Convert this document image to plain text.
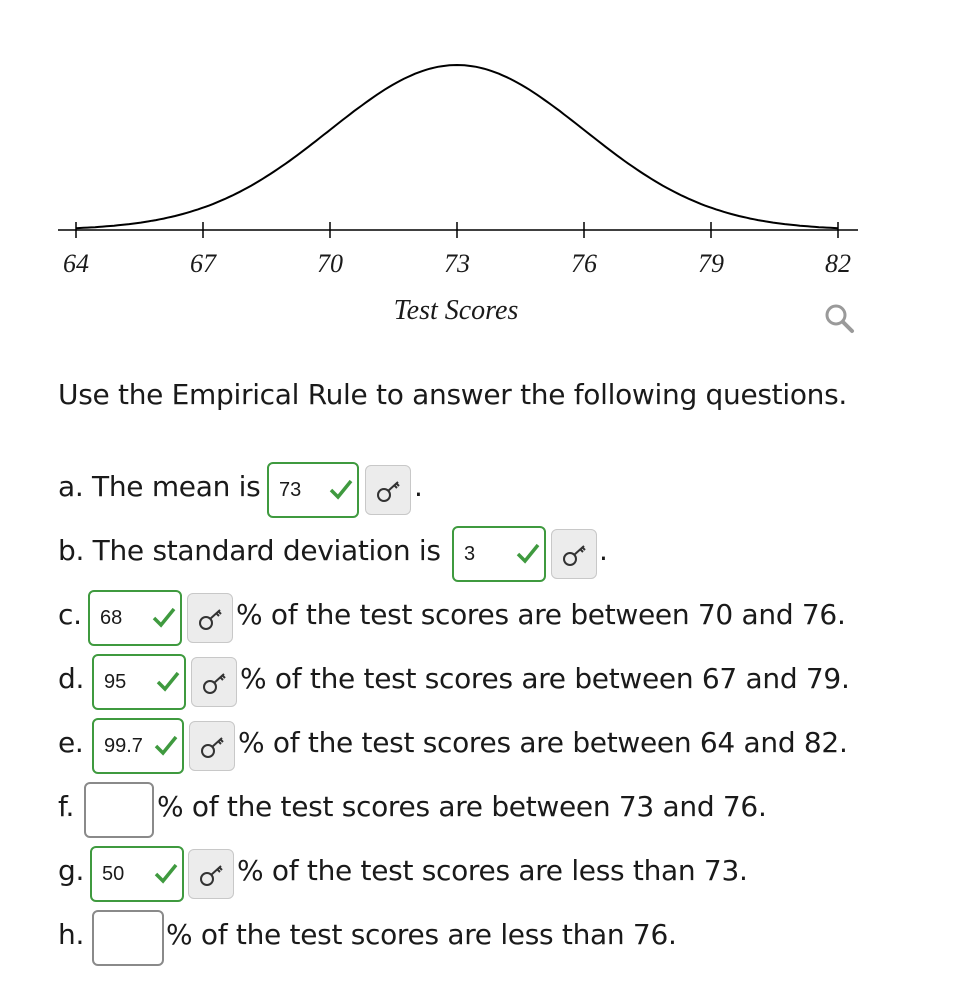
64	67	70	73	76	79	82
Test Scores
Use the Empirical Rule to answer the following questions.
a. The mean is 73	.
b. The standard deviation is 3	.
c. 68	% of the test scores are between 70 and 76.
d. 95	% of the test scores are between 67 and 79.
e. 99.7	% of the test scores are between 64 and 82.
f.	% of the test scores are between 73 and 76.
g. 50	% of the test scores are less than 73.
h.	% of the test scores are less than 76.
